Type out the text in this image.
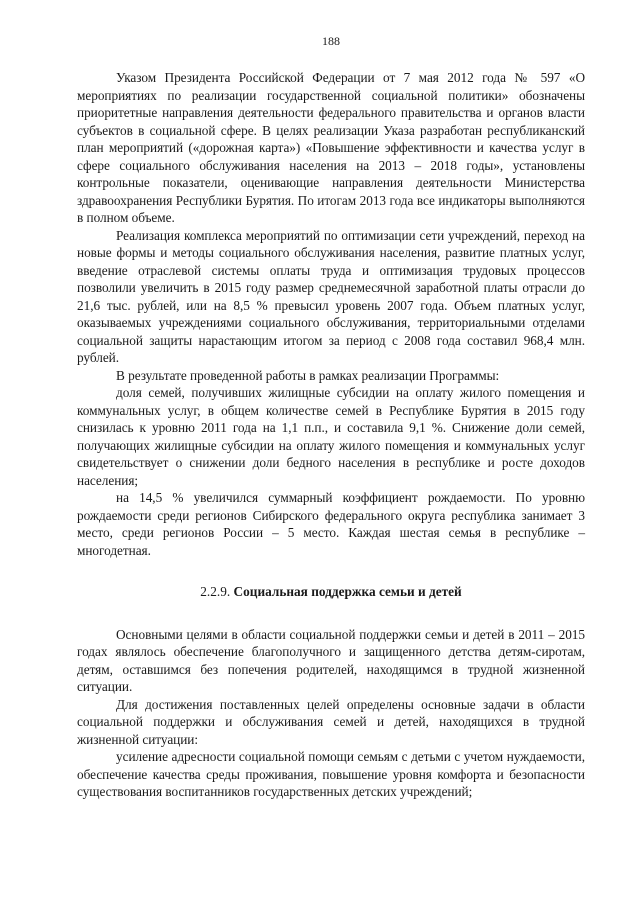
188

Указом Президента Российской Федерации от 7 мая 2012 года № 597 «О мероприятиях по реализации государственной социальной политики» обозначены приоритетные направления деятельности федерального правительства и органов власти субъектов в социальной сфере. В целях реализации Указа разработан республиканский план мероприятий («дорожная карта») «Повышение эффективности и качества услуг в сфере социального обслуживания населения на 2013 – 2018 годы», установлены контрольные показатели, оценивающие направления деятельности Министерства здравоохранения Республики Бурятия. По итогам 2013 года все индикаторы выполняются в полном объеме.

Реализация комплекса мероприятий по оптимизации сети учреждений, переход на новые формы и методы социального обслуживания населения, развитие платных услуг, введение отраслевой системы оплаты труда и оптимизация трудовых процессов позволили увеличить в 2015 году размер среднемесячной заработной платы отрасли до 21,6 тыс. рублей, или на 8,5 % превысил уровень 2007 года. Объем платных услуг, оказываемых учреждениями социального обслуживания, территориальными отделами социальной защиты нарастающим итогом за период с 2008 года составил 968,4 млн. рублей.

В результате проведенной работы в рамках реализации Программы:

доля семей, получивших жилищные субсидии на оплату жилого помещения и коммунальных услуг, в общем количестве семей в Республике Бурятия в 2015 году снизилась к уровню 2011 года на 1,1 п.п., и составила 9,1 %. Снижение доли семей, получающих жилищные субсидии на оплату жилого помещения и коммунальных услуг свидетельствует о снижении доли бедного населения в республике и росте доходов населения;

на 14,5 % увеличился суммарный коэффициент рождаемости. По уровню рождаемости среди регионов Сибирского федерального округа республика занимает 3 место, среди регионов России – 5 место. Каждая шестая семья в республике – многодетная.

2.2.9. Социальная поддержка семьи и детей

Основными целями в области социальной поддержки семьи и детей в 2011 – 2015 годах являлось обеспечение благополучного и защищенного детства детям-сиротам, детям, оставшимся без попечения родителей, находящимся в трудной жизненной ситуации.

Для достижения поставленных целей определены основные задачи в области социальной поддержки и обслуживания семей и детей, находящихся в трудной жизненной ситуации:

усиление адресности социальной помощи семьям с детьми с учетом нуждаемости, обеспечение качества среды проживания, повышение уровня комфорта и безопасности существования воспитанников государственных детских учреждений;
